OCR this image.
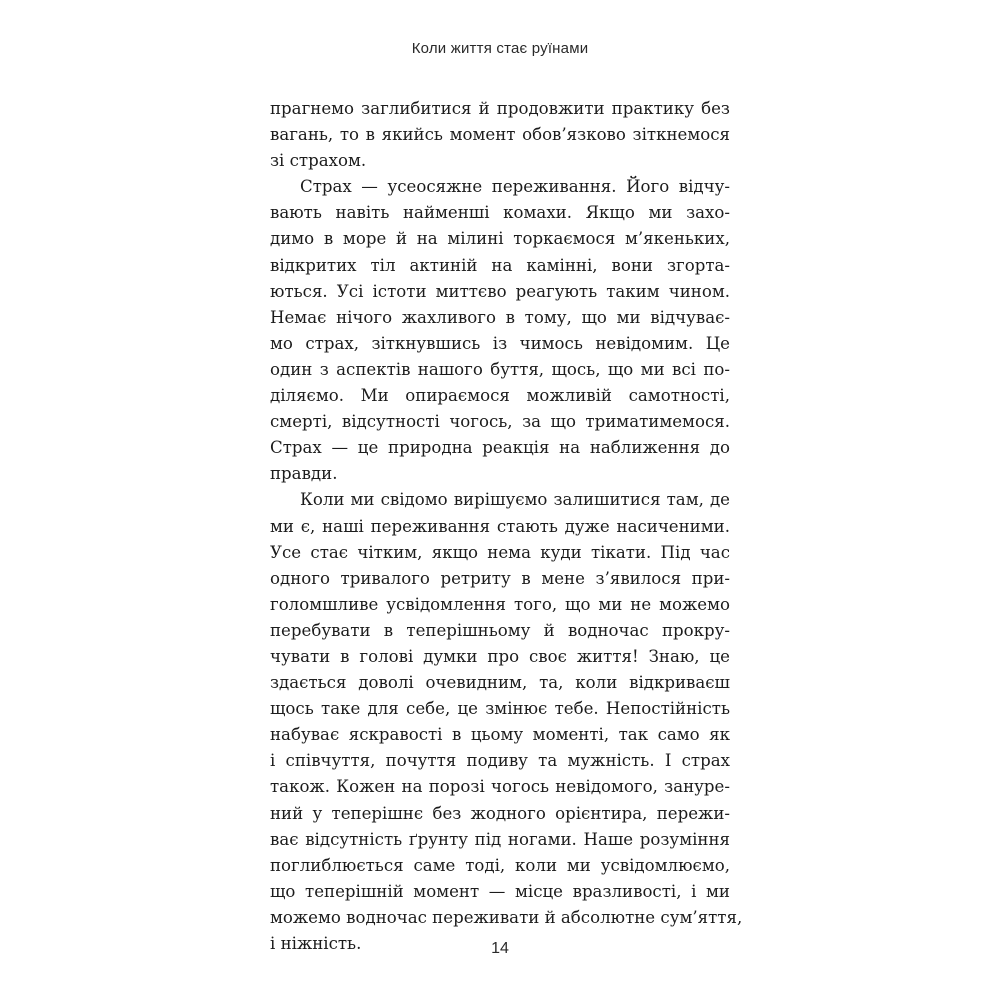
Коли життя стає руїнами

прагнемо заглибитися й продовжити практику без
вагань, то в якийсь момент обов’язково зіткнемося
зі страхом.

Страх — усеосяжне переживання. Його відчу-
вають навіть найменші комахи. Якщо ми захо-
димо в море й на мілині торкаємося м’якеньких,
відкритих тіл актиній на камінні, вони згорта-
ються. Усі істоти миттєво реагують таким чином.
Немає нічого жахливого в тому, що ми відчуває-
мо страх, зіткнувшись із чимось невідомим. Це
один з аспектів нашого буття, щось, що ми всі по-
діляємо. Ми опираємося можливій самотності,
смерті, відсутності чогось, за що триматимемося.
Страх — це природна реакція на наближення до
правди.

Коли ми свідомо вирішуємо залишитися там, де
ми є, наші переживання стають дуже насиченими.
Усе стає чітким, якщо нема куди тікати. Під час
одного тривалого ретриту в мене з’явилося при-
голомшливе усвідомлення того, що ми не можемо
перебувати в теперішньому й водночас прокру-
чувати в голові думки про своє життя! Знаю, це
здається доволі очевидним, та, коли відкриваєш
щось таке для себе, це змінює тебе. Непостійність
набуває яскравості в цьому моменті, так само як
і співчуття, почуття подиву та мужність. І страх
також. Кожен на порозі чогось невідомого, зануре-
ний у теперішнє без жодного орієнтира, пережи-
ває відсутність ґрунту під ногами. Наше розуміння
поглиблюється саме тоді, коли ми усвідомлюємо,
що теперішній момент — місце вразливості, і ми
можемо водночас переживати й абсолютне сум’яття,
і ніжність.	14
